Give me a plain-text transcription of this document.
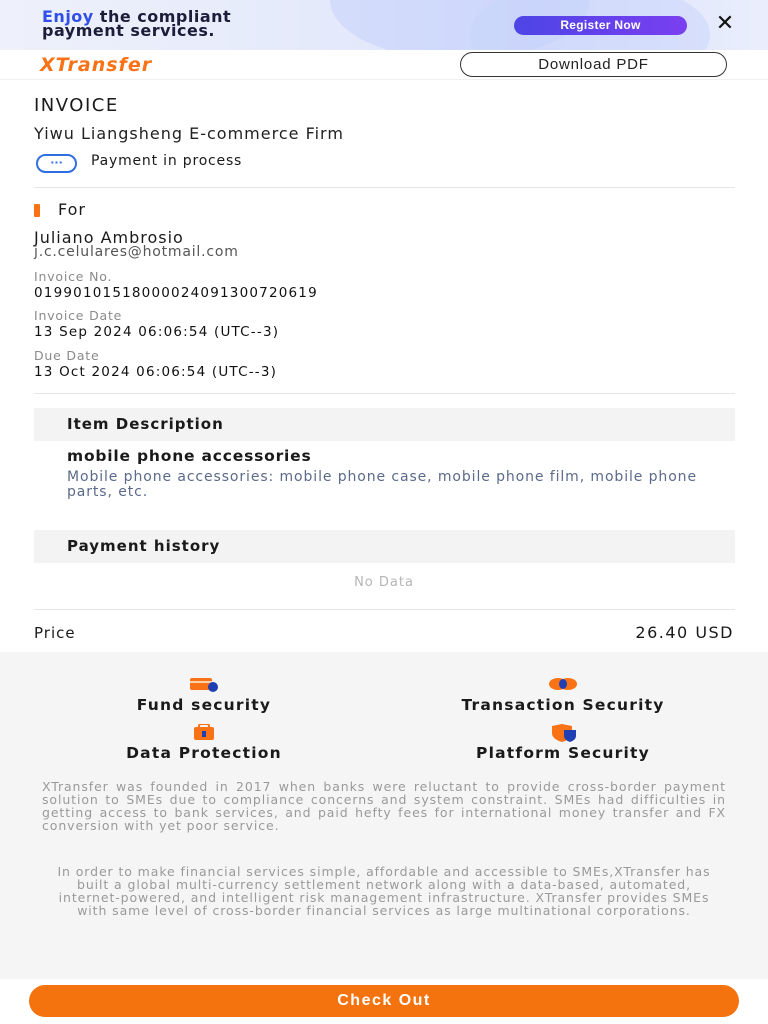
Enjoy the compliant
payment services.	Register Now	✕
XTransfer	Download PDF
INVOICE
Yiwu Liangsheng E-commerce Firm
···	Payment in process
For
Juliano Ambrosio
j.c.celulares@hotmail.com
Invoice No.
019901015180000240913007206​19
Invoice Date
13 Sep 2024 06:06:54 (UTC--3)
Due Date
13 Oct 2024 06:06:54 (UTC--3)
Item Description
mobile phone accessories
Mobile phone accessories: mobile phone case, mobile phone film, mobile phone parts, etc.
Payment history
No Data
Price	26.40 USD
Fund security	Transaction Security
Data Protection	Platform Security
XTransfer was founded in 2017 when banks were reluctant to provide cross-border payment solution to SMEs due to compliance concerns and system constraint. SMEs had difficulties in getting access to bank services, and paid hefty fees for international money transfer and FX conversion with yet poor service.
In order to make financial services simple, affordable and accessible to SMEs,XTransfer has built a global multi-currency settlement network along with a data-based, automated, internet-powered, and intelligent risk management infrastructure. XTransfer provides SMEs with same level of cross-border financial services as large multinational corporations.
Check Out
